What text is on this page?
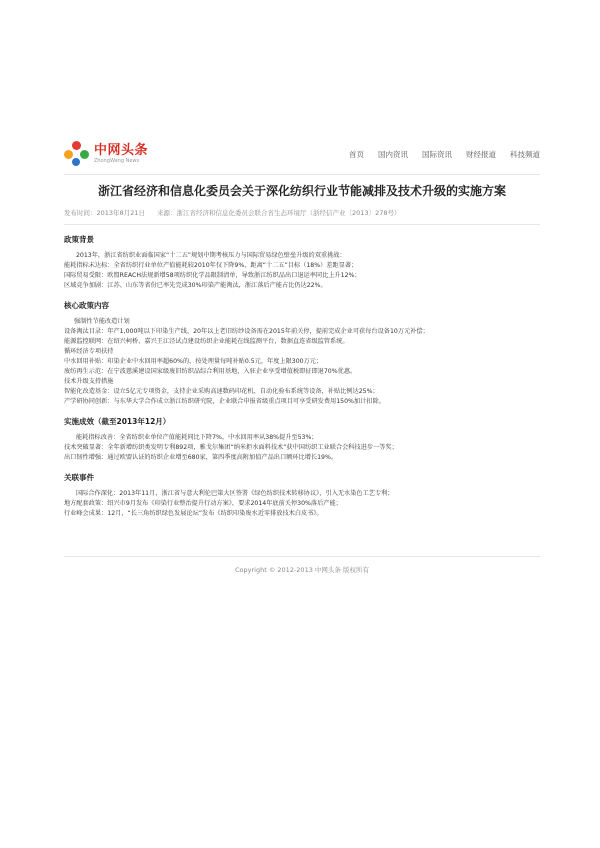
中网头条
ZhongWang News
首页 国内资讯 国际资讯 财经报道 科技频道
浙江省经济和信息化委员会关于深化纺织行业节能减排及技术升级的实施方案
发布时间：2013年8月21日 来源：浙江省经济和信息化委员会联合省生态环境厅（浙经信产业〔2013〕278号）
政策背景
2013年，浙江省纺织业面临国家“十二五”规划中期考核压力与国际贸易绿色壁垒升级的双重挑战：
能耗指标未达标：全省纺织行业单位产值能耗较2010年仅下降9%，距离“十二五”目标（18%）差距显著；
国际贸易受限：欧盟REACH法规新增58项纺织化学品限制清单，导致浙江纺织品出口退运率同比上升12%；
区域竞争加剧：江苏、山东等省份已率先完成30%印染产能淘汰，浙江落后产能占比仍达22%。
核心政策内容
强制性节能改造计划
设备淘汰目录：年产1,000吨以下印染生产线、20年以上老旧纺纱设备需在2015年前关停，提前完成企业可获每台设备10万元补偿；
能源监控联网：在绍兴柯桥、嘉兴王江泾试点建设纺织企业能耗在线监测平台，数据直连省级监管系统。
循环经济专项扶持
中水回用补贴：印染企业中水回用率超60%的，按处理量每吨补贴0.5元，年度上限300万元；
废纺再生示范：在宁波慈溪建设国家级废旧纺织品综合利用基地，入驻企业享受增值税即征即退70%优惠。
技术升级支持措施
智能化改造基金：设立5亿元专项资金，支持企业采购高速数码印花机、自动化验布系统等设备，补贴比例达25%；
产学研协同创新：与东华大学合作成立浙江纺织研究院，企业联合申报省级重点项目可享受研发费用150%加计扣除。
实施成效（截至2013年12月）
能耗指标改善：全省纺织业单位产值能耗同比下降7%，中水回用率从38%提升至53%；
技术突破显著：全年新增纺织类发明专利892项，雅戈尔集团“纳米拒水面料技术”获中国纺织工业联合会科技进步一等奖；
出口韧性增强：通过欧盟认证的纺织企业增至680家，第四季度高附加值产品出口额环比增长19%。
关联事件
国际合作深化：2013年11月，浙江省与意大利伦巴第大区签署《绿色纺织技术转移协议》，引入无水染色工艺专利；
地方配套政策：绍兴市9月发布《印染行业整治提升行动方案》，要求2014年底前关停30%落后产能；
行业峰会成果：12月，“长三角纺织绿色发展论坛”发布《纺织印染废水近零排放技术白皮书》。
Copyright © 2012-2013 中网头条 版权所有
